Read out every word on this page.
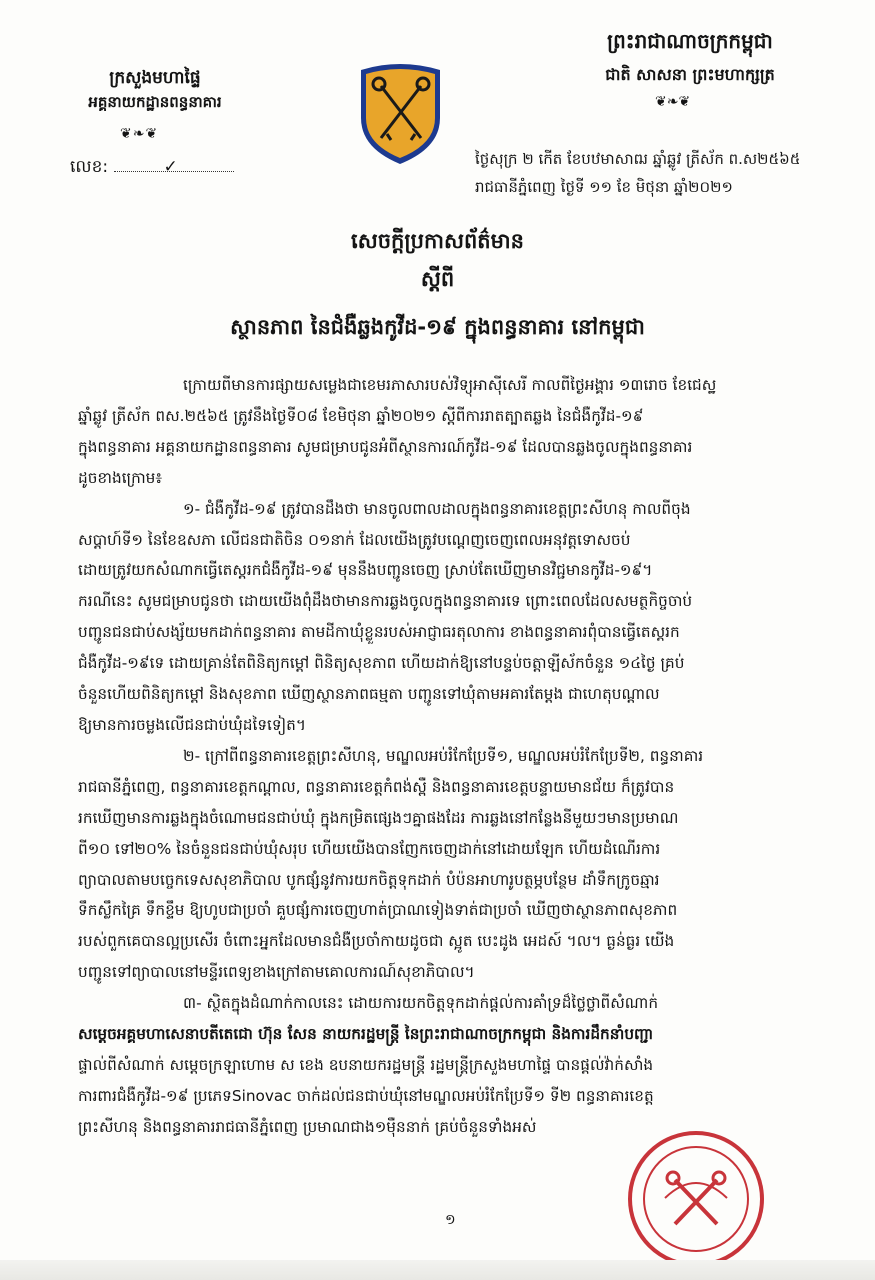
ក្រសួងមហាផ្ទៃ
អគ្គនាយកដ្ឋានពន្ធនាគារ
❦❧❦
លេខ:	✓
ព្រះរាជាណាចក្រកម្ពុជា
ជាតិ សាសនា ព្រះមហាក្សត្រ
❦❧❦
ថ្ងៃសុក្រ ២ កើត ខែបឋមាសាឍ ឆ្នាំឆ្លូវ ត្រីស័ក ព.ស២៥៦៥
រាជធានីភ្នំពេញ ថ្ងៃទី ១១ ខែ មិថុនា ឆ្នាំ២០២១
សេចក្តីប្រកាសព័ត៌មាន
ស្តីពី
ស្ថានភាព នៃជំងឺឆ្លងកូវីដ-១៩ ក្នុងពន្ធនាគារ នៅកម្ពុជា

ក្រោយពីមានការផ្សាយសម្លេងជាខេមរភាសារបស់វិទ្យុអាស៊ីសេរី កាលពីថ្ងៃអង្គារ ១៣រោច ខែជេស្ឋ
ឆ្នាំឆ្លូវ ត្រីស័ក ពស.២៥៦៥ ត្រូវនឹងថ្ងៃទី០៨ ខែមិថុនា ឆ្នាំ២០២១ ស្តីពីការរាតត្បាតឆ្លង នៃជំងឺកូវីដ-១៩
ក្នុងពន្ធនាគារ អគ្គនាយកដ្ឋានពន្ធនាគារ សូមជម្រាបជូនអំពីស្ថានការណ៍កូវីដ-១៩ ដែលបានឆ្លងចូលក្នុងពន្ធនាគារ
ដូចខាងក្រោម៖

១- ជំងឺកូវីដ-១៩ ត្រូវបានដឹងថា មានចូលពាលដាលក្នុងពន្ធនាគារខេត្តព្រះសីហនុ កាលពីចុង
សប្តាហ៍ទី១ នៃខែឧសភា លើជនជាតិចិន ០១នាក់ ដែលយើងត្រូវបណ្តេញចេញពេលអនុវត្តទោសចប់
ដោយត្រូវយកសំណាកធ្វើតេស្តរកជំងឺកូវីដ-១៩ មុននឹងបញ្ជូនចេញ ស្រាប់តែឃើញមានវិជ្ជមានកូវីដ-១៩។
ករណីនេះ សូមជម្រាបជូនថា ដោយយើងពុំដឹងថាមានការឆ្លងចូលក្នុងពន្ធនាគារទេ ព្រោះពេលដែលសមត្ថកិច្ចចាប់
បញ្ជូនជនជាប់សង្ស័យមកដាក់ពន្ធនាគារ តាមដីកាឃុំខ្លួនរបស់អាជ្ញាធរតុលាការ ខាងពន្ធនាគារពុំបានធ្វើតេស្តរក
ជំងឺកូវីដ-១៩ទេ ដោយគ្រាន់តែពិនិត្យកម្តៅ ពិនិត្យសុខភាព ហើយដាក់ឱ្យនៅបន្ទប់ចត្តាឡីស័កចំនួន ១៤ថ្ងៃ គ្រប់
ចំនួនហើយពិនិត្យកម្តៅ និងសុខភាព ឃើញស្ថានភាពធម្មតា បញ្ជូនទៅឃុំតាមអគារតែម្តង ជាហេតុបណ្តាល
ឱ្យមានការចម្លងលើជនជាប់ឃុំដទៃទៀត។

២- ក្រៅពីពន្ធនាគារខេត្តព្រះសីហនុ, មណ្ឌលអប់រំកែប្រែទី១, មណ្ឌលអប់រំកែប្រែទី២, ពន្ធនាគារ
រាជធានីភ្នំពេញ, ពន្ធនាគារខេត្តកណ្តាល, ពន្ធនាគារខេត្តកំពង់ស្ពឺ និងពន្ធនាគារខេត្តបន្ទាយមានជ័យ ក៏ត្រូវបាន
រកឃើញមានការឆ្លងក្នុងចំណោមជនជាប់ឃុំ ក្នុងកម្រិតផ្សេងៗគ្នាផងដែរ ការឆ្លងនៅកន្លែងនីមួយៗមានប្រមាណ
ពី១០ ទៅ២០% នៃចំនួនជនជាប់ឃុំសរុប ហើយយើងបានញែកចេញដាក់នៅដោយឡែក ហើយដំណើរការ
ព្យាបាលតាមបច្ចេកទេសសុខាភិបាល បូកផ្សំនូវការយកចិត្តទុកដាក់ បំប៉នអាហារូបត្ថម្ភបន្ថែម ដាំទឹកក្រូចឆ្មារ
ទឹកស្លឹកគ្រៃ ទឹកខ្ទឹម ឱ្យហូបជាប្រចាំ គួបផ្សំការចេញហាត់ប្រាណទៀងទាត់ជាប្រចាំ ឃើញថាស្ថានភាពសុខភាព
របស់ពួកគេបានល្អប្រសើរ ចំពោះអ្នកដែលមានជំងឺប្រចាំកាយដូចជា ស្អូត បេះដូង អេដស៍ ។ល។ ធ្ងន់ធ្ងរ យើង
បញ្ជូនទៅព្យាបាលនៅមន្ទីរពេទ្យខាងក្រៅតាមគោលការណ៍សុខាភិបាល។

៣- ស្ថិតក្នុងដំណាក់កាលនេះ ដោយការយកចិត្តទុកដាក់ផ្តល់ការគាំទ្រដ៏ថ្លៃថ្លាពីសំណាក់
សម្តេចអគ្គមហាសេនាបតីតេជោ ហ៊ុន សែន នាយករដ្ឋមន្ត្រី នៃព្រះរាជាណាចក្រកម្ពុជា និងការដឹកនាំបញ្ជា
ផ្ទាល់ពីសំណាក់ សម្តេចក្រឡាហោម ស ខេង ឧបនាយករដ្ឋមន្ត្រី រដ្ឋមន្ត្រីក្រសួងមហាផ្ទៃ បានផ្តល់វ៉ាក់សាំង
ការពារជំងឺកូវីដ-១៩ ប្រភេទSinovac ចាក់ដល់ជនជាប់ឃុំនៅមណ្ឌលអប់រំកែប្រែទី១ ទី២ ពន្ធនាគារខេត្ត
ព្រះសីហនុ និងពន្ធនាគាររាជធានីភ្នំពេញ ប្រមាណជាង១ម៉ឺននាក់ គ្រប់ចំនួនទាំងអស់

១
